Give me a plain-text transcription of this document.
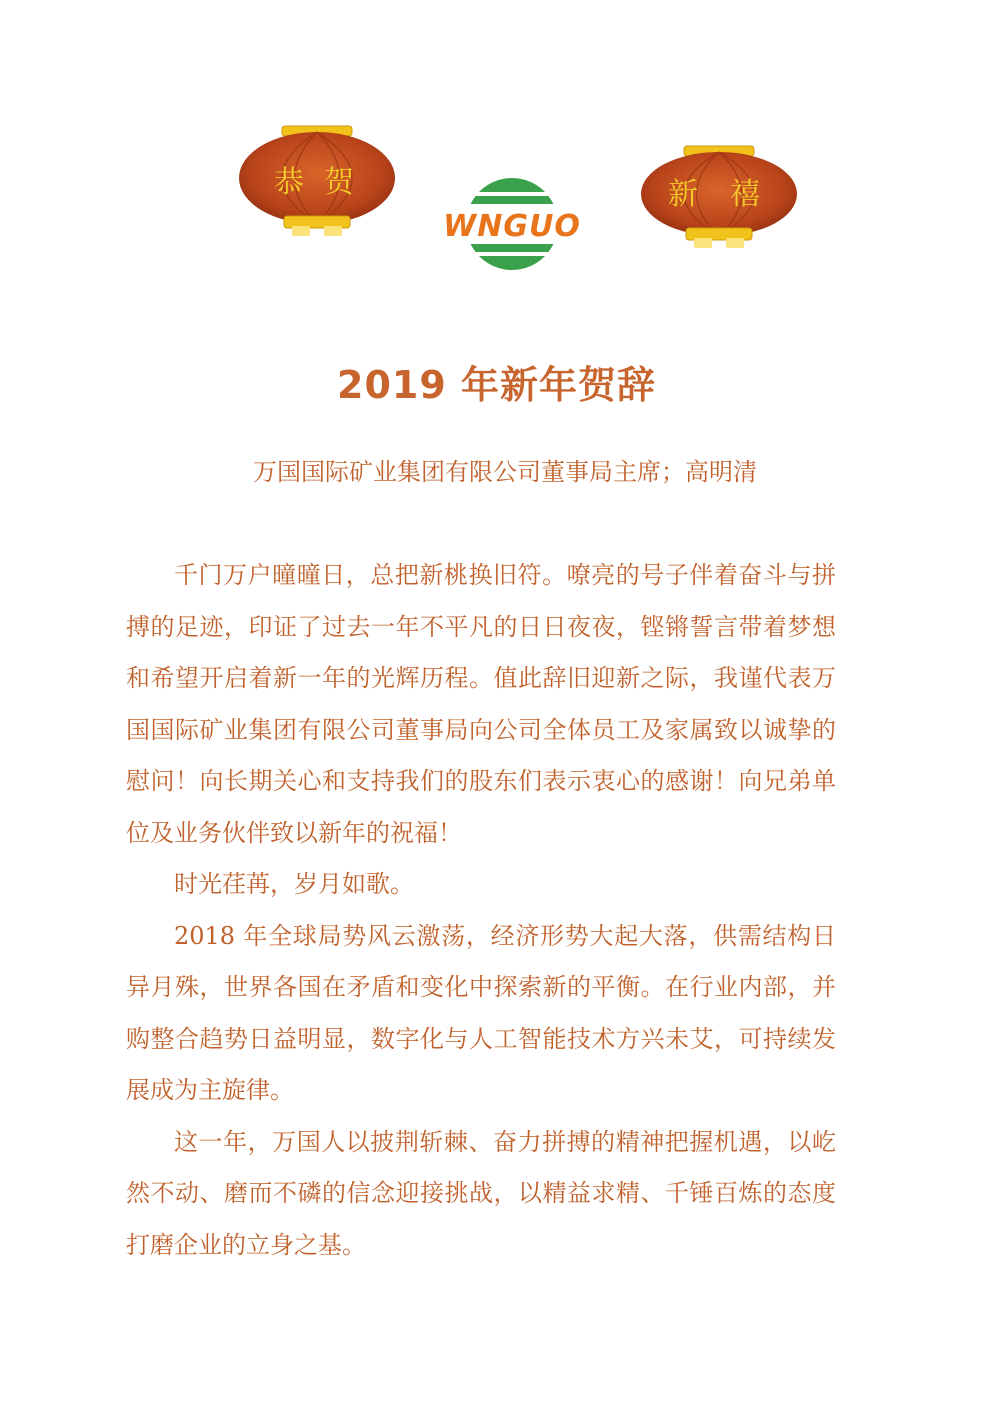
恭 贺
WNGUO
新 禧
2019 年新年贺辞
万国国际矿业集团有限公司董事局主席；高明清

千门万户曈曈日，总把新桃换旧符。嘹亮的号子伴着奋斗与拼搏的足迹，印证了过去一年不平凡的日日夜夜，铿锵誓言带着梦想和希望开启着新一年的光辉历程。值此辞旧迎新之际，我谨代表万国国际矿业集团有限公司董事局向公司全体员工及家属致以诚挚的慰问！向长期关心和支持我们的股东们表示衷心的感谢！向兄弟单位及业务伙伴致以新年的祝福！

时光荏苒，岁月如歌。

2018 年全球局势风云激荡，经济形势大起大落，供需结构日异月殊，世界各国在矛盾和变化中探索新的平衡。在行业内部，并购整合趋势日益明显，数字化与人工智能技术方兴未艾，可持续发展成为主旋律。

这一年，万国人以披荆斩棘、奋力拼搏的精神把握机遇，以屹然不动、磨而不磷的信念迎接挑战，以精益求精、千锤百炼的态度打磨企业的立身之基。
